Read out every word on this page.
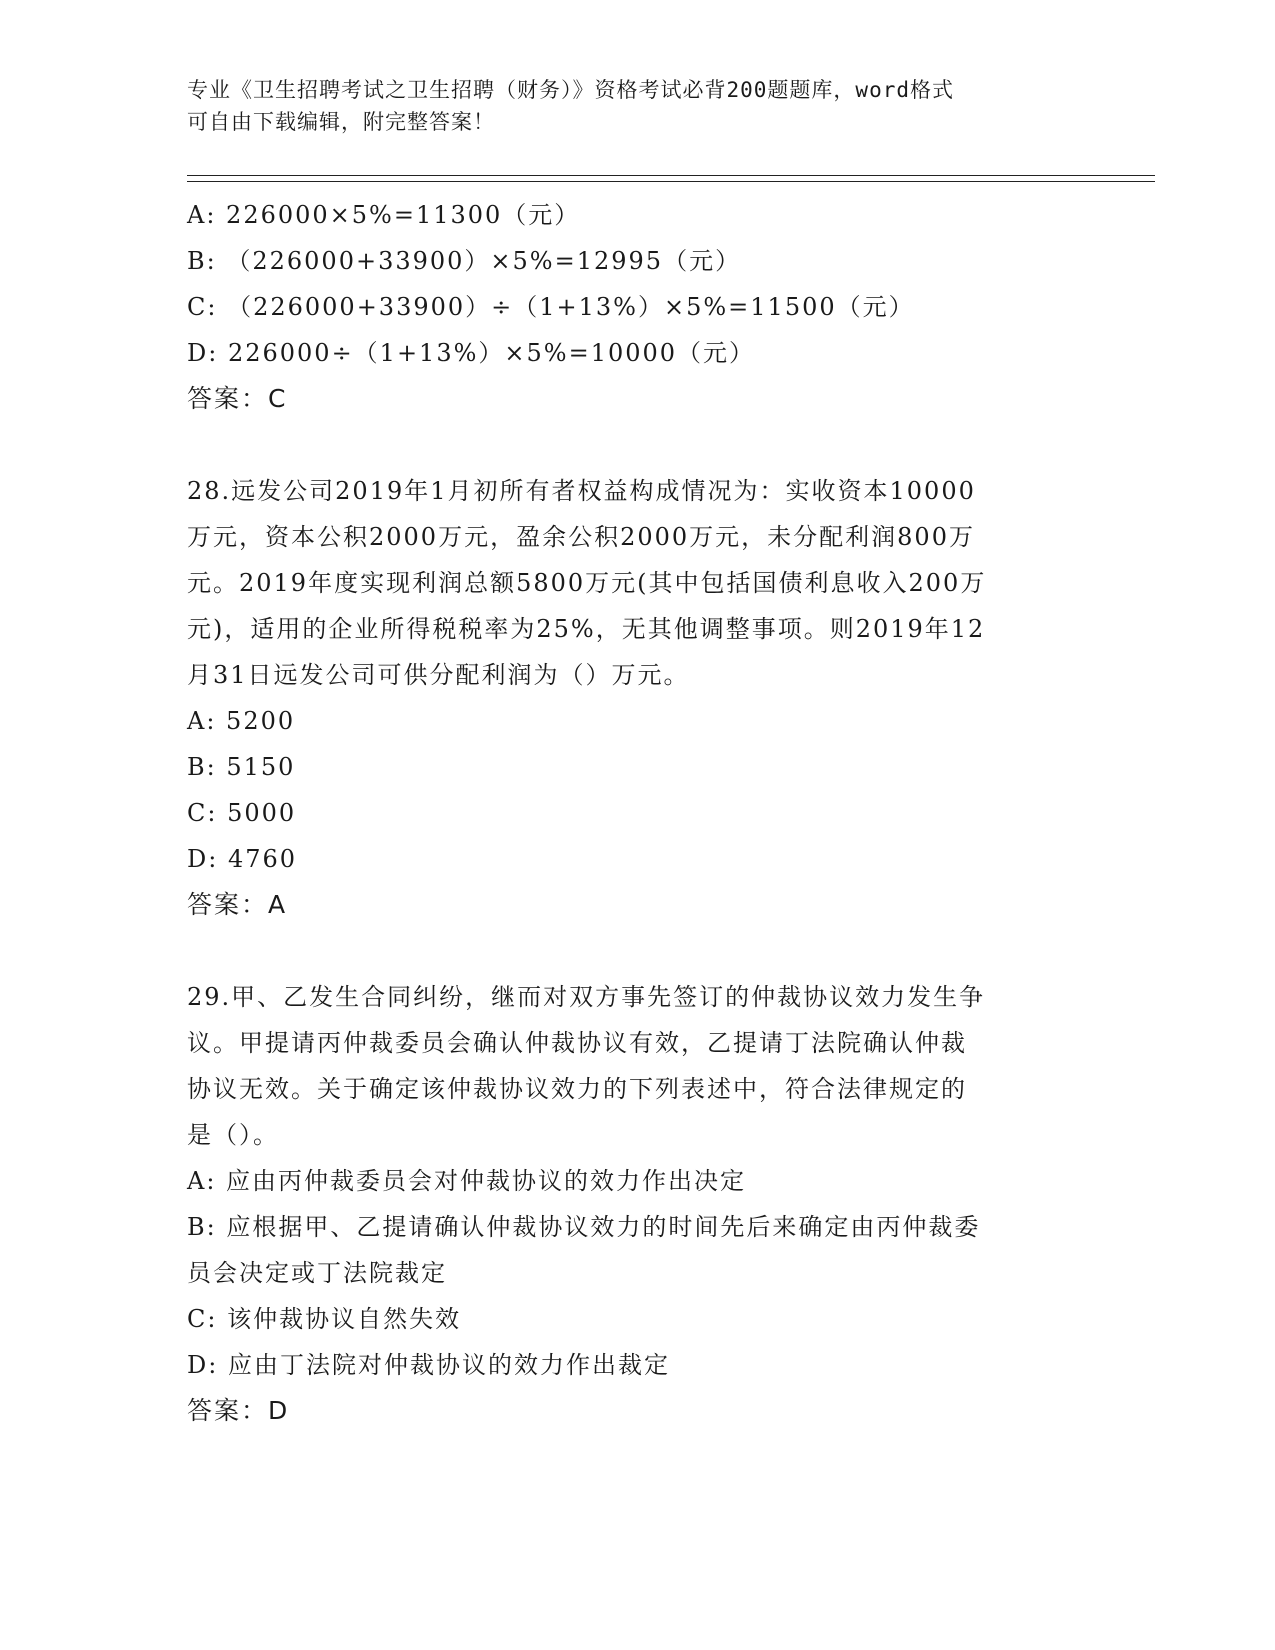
专业《卫生招聘考试之卫生招聘（财务）》资格考试必背200题题库，word格式
可自由下载编辑，附完整答案！
A: 226000×5%=11300（元）
B: （226000+33900）×5%=12995（元）
C: （226000+33900）÷（1+13%）×5%=11500（元）
D: 226000÷（1+13%）×5%=10000（元）
答案：C
28.远发公司2019年1月初所有者权益构成情况为：实收资本10000
万元，资本公积2000万元，盈余公积2000万元，未分配利润800万
元。2019年度实现利润总额5800万元(其中包括国债利息收入200万
元)，适用的企业所得税税率为25%，无其他调整事项。则2019年12
月31日远发公司可供分配利润为（）万元。
A: 5200
B: 5150
C: 5000
D: 4760
答案：A
29.甲、乙发生合同纠纷，继而对双方事先签订的仲裁协议效力发生争
议。甲提请丙仲裁委员会确认仲裁协议有效，乙提请丁法院确认仲裁
协议无效。关于确定该仲裁协议效力的下列表述中，符合法律规定的
是（）。
A: 应由丙仲裁委员会对仲裁协议的效力作出决定
B: 应根据甲、乙提请确认仲裁协议效力的时间先后来确定由丙仲裁委
员会决定或丁法院裁定
C: 该仲裁协议自然失效
D: 应由丁法院对仲裁协议的效力作出裁定
答案：D
